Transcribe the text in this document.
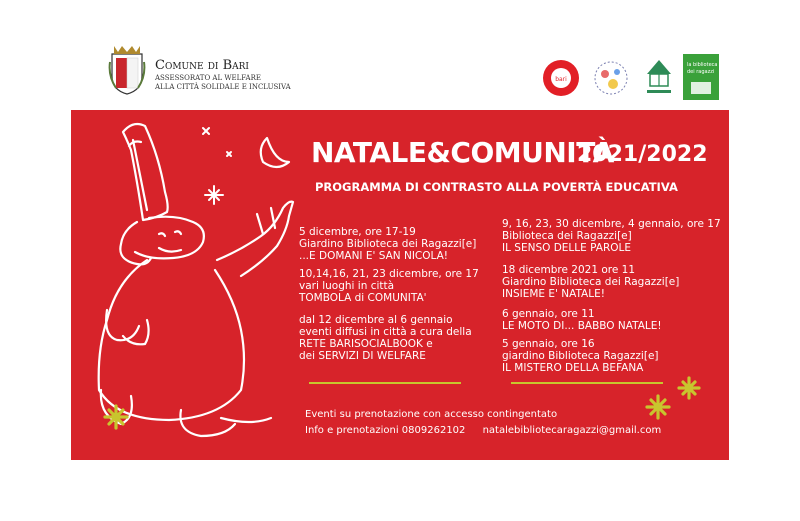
Comune di Bari
ASSESSORATO AL WELFARE
ALLA CITTÀ SOLIDALE E INCLUSIVA
bari
la biblioteca
dei ragazzi
NATALE&COMUNITÀ
2021/2022
PROGRAMMA DI CONTRASTO ALLA POVERTÀ EDUCATIVA
5 dicembre, ore 17-19
Giardino Biblioteca dei Ragazzi[e]
...E DOMANI E' SAN NICOLA!
10,14,16, 21, 23 dicembre, ore 17
vari luoghi in città
TOMBOLA di COMUNITA'
dal 12 dicembre al 6 gennaio
eventi diffusi in città a cura della
RETE BARISOCIALBOOK e
dei SERVIZI DI WELFARE
9, 16, 23, 30 dicembre, 4 gennaio, ore 17
Biblioteca dei Ragazzi[e]
IL SENSO DELLE PAROLE
18 dicembre 2021 ore 11
Giardino Biblioteca dei Ragazzi[e]
INSIEME E' NATALE!
6 gennaio, ore 11
LE MOTO DI... BABBO NATALE!
5 gennaio, ore 16
giardino Biblioteca Ragazzi[e]
IL MISTERO DELLA BEFANA
Eventi su prenotazione con accesso contingentato
Info e prenotazioni 0809262102 natalebibliotecaragazzi@gmail.com
